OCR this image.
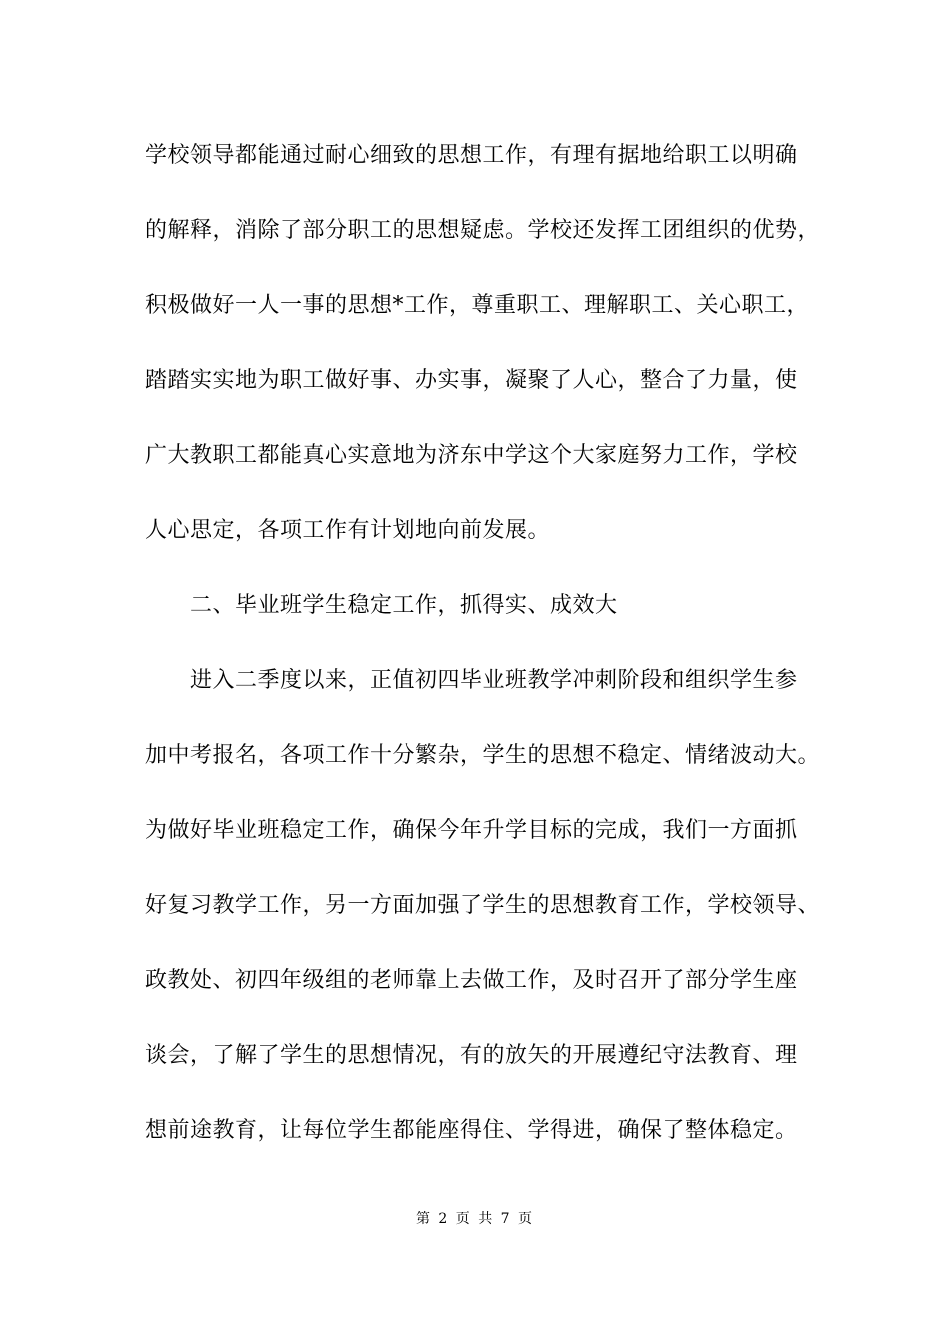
学校领导都能通过耐心细致的思想工作，有理有据地给职工以明确
的解释，消除了部分职工的思想疑虑。学校还发挥工团组织的优势，
积极做好一人一事的思想*工作，尊重职工、理解职工、关心职工，
踏踏实实地为职工做好事、办实事，凝聚了人心，整合了力量，使
广大教职工都能真心实意地为济东中学这个大家庭努力工作，学校
人心思定，各项工作有计划地向前发展。
　　二、毕业班学生稳定工作，抓得实、成效大
　　进入二季度以来，正值初四毕业班教学冲刺阶段和组织学生参
加中考报名，各项工作十分繁杂，学生的思想不稳定、情绪波动大。
为做好毕业班稳定工作，确保今年升学目标的完成，我们一方面抓
好复习教学工作，另一方面加强了学生的思想教育工作，学校领导、
政教处、初四年级组的老师靠上去做工作，及时召开了部分学生座
谈会，了解了学生的思想情况，有的放矢的开展遵纪守法教育、理
想前途教育，让每位学生都能座得住、学得进，确保了整体稳定。
第 2 页 共 7 页
